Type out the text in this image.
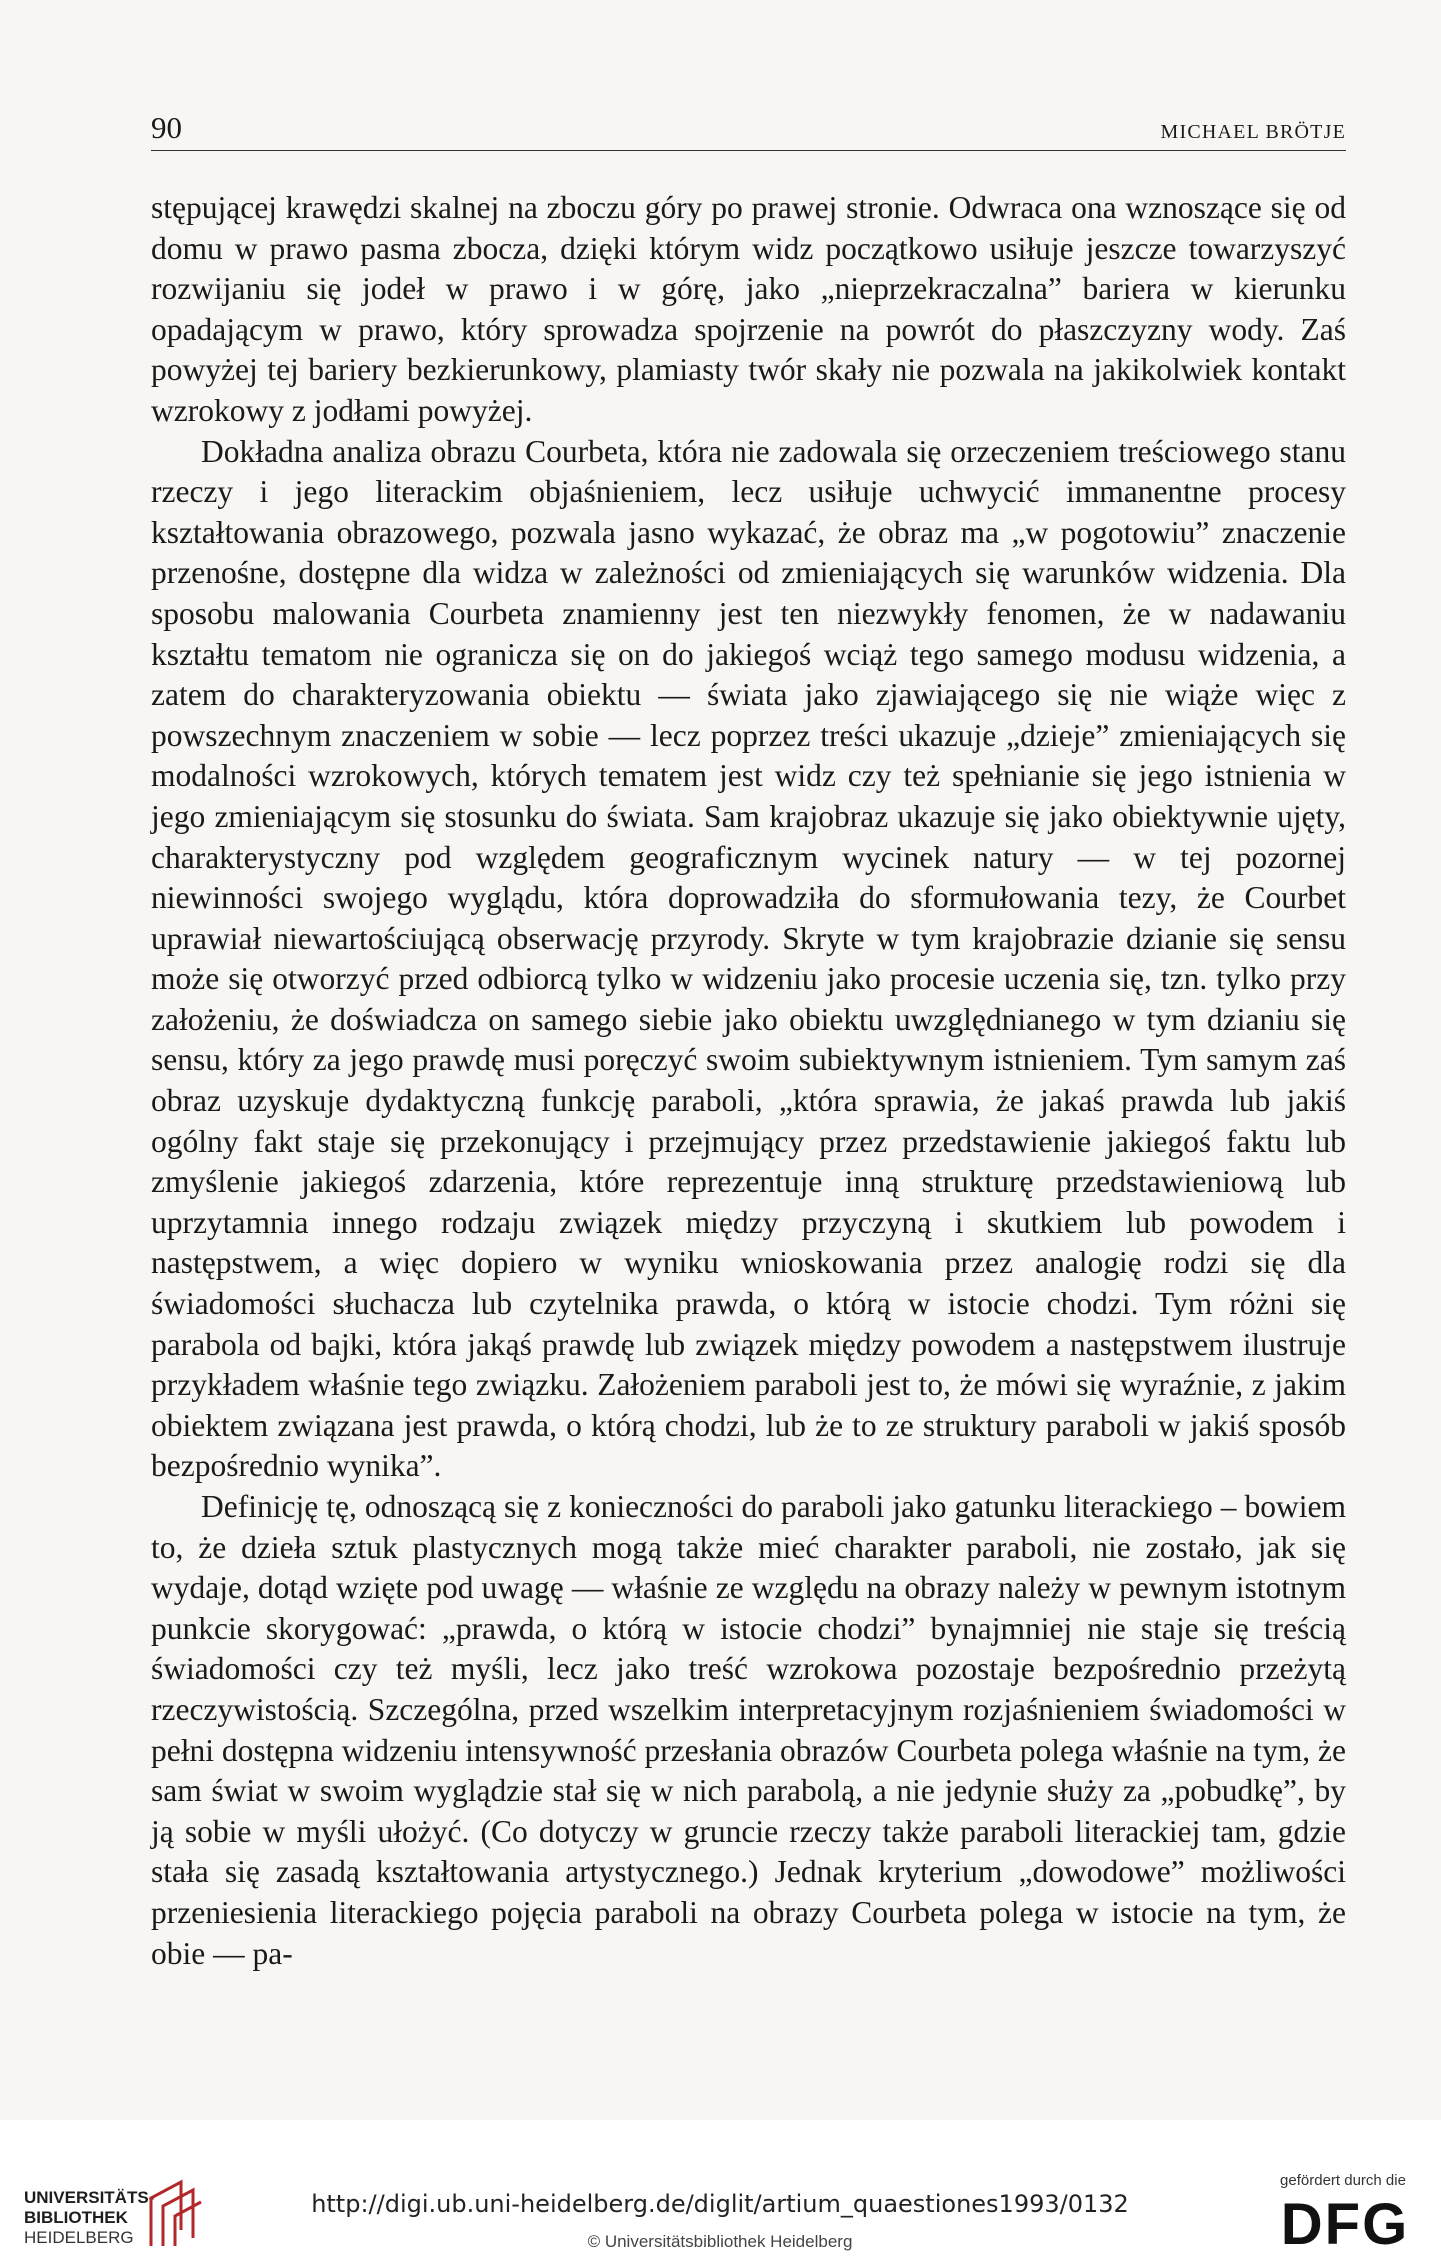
90	MICHAEL BRÖTJE

stępującej krawędzi skalnej na zboczu góry po prawej stronie. Odwraca ona wznoszące się od domu w prawo pasma zbocza, dzięki którym widz początkowo usiłuje jeszcze towarzyszyć rozwijaniu się jodeł w prawo i w górę, jako „nieprzekraczalna” bariera w kierunku opadającym w prawo, który sprowadza spojrzenie na powrót do płaszczyzny wody. Zaś powyżej tej bariery bezkierunkowy, plamiasty twór skały nie pozwala na jakikolwiek kontakt wzrokowy z jodłami powyżej.

Dokładna analiza obrazu Courbeta, która nie zadowala się orzeczeniem treściowego stanu rzeczy i jego literackim objaśnieniem, lecz usiłuje uchwycić immanentne procesy kształtowania obrazowego, pozwala jasno wykazać, że obraz ma „w pogotowiu” znaczenie przenośne, dostępne dla widza w zależności od zmieniających się warunków widzenia. Dla sposobu malowania Courbeta znamienny jest ten niezwykły fenomen, że w nadawaniu kształtu tematom nie ogranicza się on do jakiegoś wciąż tego samego modusu widzenia, a zatem do charakteryzowania obiektu — świata jako zjawiającego się nie wiąże więc z powszechnym znaczeniem w sobie — lecz poprzez treści ukazuje „dzieje” zmieniających się modalności wzrokowych, których tematem jest widz czy też spełnianie się jego istnienia w jego zmieniającym się stosunku do świata. Sam krajobraz ukazuje się jako obiektywnie ujęty, charakterystyczny pod względem geograficznym wycinek natury — w tej pozornej niewinności swojego wyglądu, która doprowadziła do sformułowania tezy, że Courbet uprawiał niewartościującą obserwację przyrody. Skryte w tym krajobrazie dzianie się sensu może się otworzyć przed odbiorcą tylko w widzeniu jako procesie uczenia się, tzn. tylko przy założeniu, że doświadcza on samego siebie jako obiektu uwzględnianego w tym dzianiu się sensu, który za jego prawdę musi poręczyć swoim subiektywnym istnieniem. Tym samym zaś obraz uzyskuje dydaktyczną funkcję paraboli, „która sprawia, że jakaś prawda lub jakiś ogólny fakt staje się przekonujący i przejmujący przez przedstawienie jakiegoś faktu lub zmyślenie jakiegoś zdarzenia, które reprezentuje inną strukturę przedstawieniową lub uprzytamnia innego rodzaju związek między przyczyną i skutkiem lub powodem i następstwem, a więc dopiero w wyniku wnioskowania przez analogię rodzi się dla świadomości słuchacza lub czytelnika prawda, o którą w istocie chodzi. Tym różni się parabola od bajki, która jakąś prawdę lub związek między powodem a następstwem ilustruje przykładem właśnie tego związku. Założeniem paraboli jest to, że mówi się wyraźnie, z jakim obiektem związana jest prawda, o którą chodzi, lub że to ze struktury paraboli w jakiś sposób bezpośrednio wynika”.

Definicję tę, odnoszącą się z konieczności do paraboli jako gatunku literackiego – bowiem to, że dzieła sztuk plastycznych mogą także mieć charakter paraboli, nie zostało, jak się wydaje, dotąd wzięte pod uwagę — właśnie ze względu na obrazy należy w pewnym istotnym punkcie skorygować: „prawda, o którą w istocie chodzi” bynajmniej nie staje się treścią świadomości czy też myśli, lecz jako treść wzrokowa pozostaje bezpośrednio przeżytą rzeczywistością. Szczególna, przed wszelkim interpretacyjnym rozjaśnieniem świadomości w pełni dostępna widzeniu intensywność przesłania obrazów Courbeta polega właśnie na tym, że sam świat w swoim wyglądzie stał się w nich parabolą, a nie jedynie służy za „pobudkę”, by ją sobie w myśli ułożyć. (Co dotyczy w gruncie rzeczy także paraboli literackiej tam, gdzie stała się zasadą kształtowania artystycznego.) Jednak kryterium „dowodowe” możliwości przeniesienia literackiego pojęcia paraboli na obrazy Courbeta polega w istocie na tym, że obie — pa-

UNIVERSITÄTS-
BIBLIOTHEK
HEIDELBERG
http://digi.ub.uni-heidelberg.de/diglit/artium_quaestiones1993/0132
© Universitätsbibliothek Heidelberg
gefördert durch die
DFG
